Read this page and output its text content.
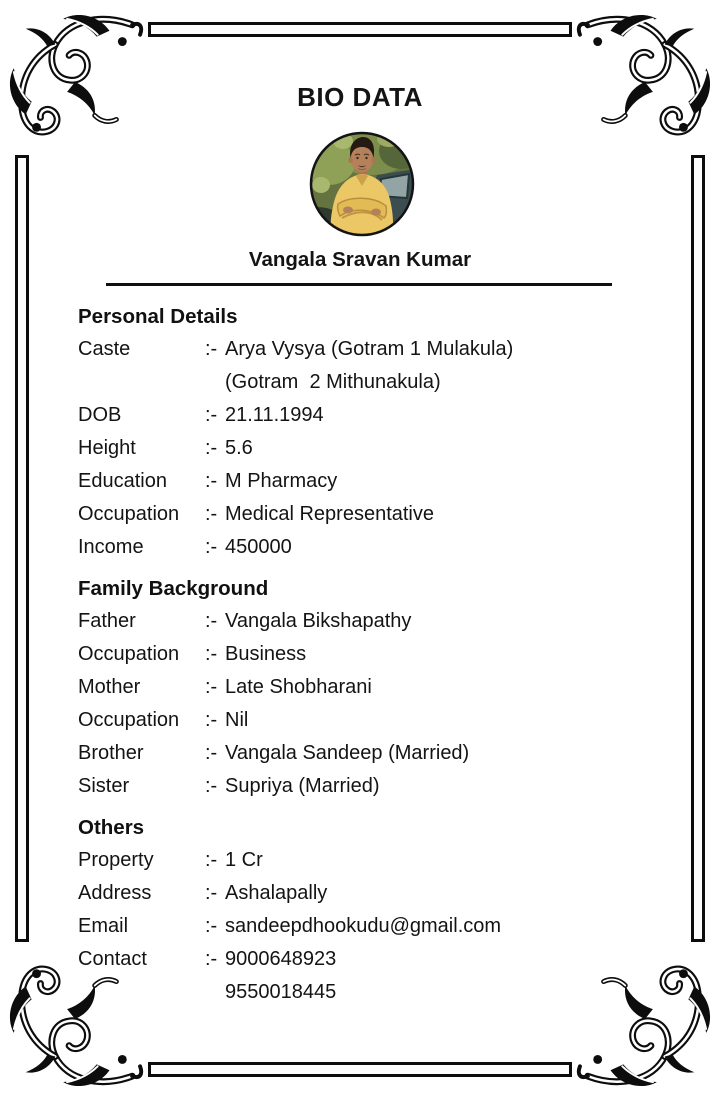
BIO DATA
Vangala Sravan Kumar
Personal Details
Caste	:- Arya Vysya (Gotram 1 Mulakula)
(Gotram  2 Mithunakula)
DOB	:- 21.11.1994
Height	:- 5.6
Education	:- M Pharmacy
Occupation	:- Medical Representative
Income	:- 450000
Family Background
Father	:- Vangala Bikshapathy
Occupation	:- Business
Mother	:- Late Shobharani
Occupation	:- Nil
Brother	:- Vangala Sandeep (Married)
Sister	:- Supriya (Married)
Others
Property	:- 1 Cr
Address	:- Ashalapally
Email	:- sandeepdhookudu@gmail.com
Contact	:- 9000648923
9550018445
